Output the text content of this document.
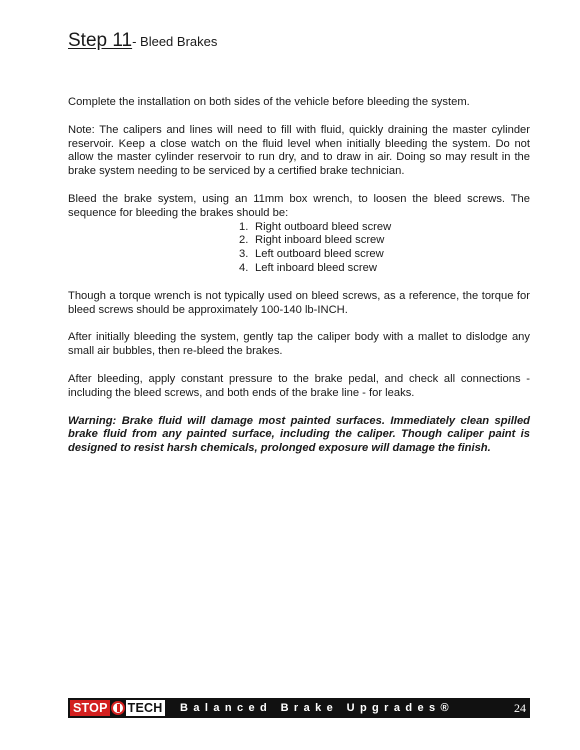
Step 11- Bleed Brakes

Complete the installation on both sides of the vehicle before bleeding the system.

Note: The calipers and lines will need to fill with fluid, quickly draining the master cylinder reservoir. Keep a close watch on the fluid level when initially bleeding the system. Do not allow the master cylinder reservoir to run dry, and to draw in air. Doing so may result in the brake system needing to be serviced by a certified brake technician.

Bleed the brake system, using an 11mm box wrench, to loosen the bleed screws. The sequence for bleeding the brakes should be:

1. Right outboard bleed screw
2. Right inboard bleed screw
3. Left outboard bleed screw
4. Left inboard bleed screw

Though a torque wrench is not typically used on bleed screws, as a reference, the torque for bleed screws should be approximately 100-140 lb-INCH.

After initially bleeding the system, gently tap the caliper body with a mallet to dislodge any small air bubbles, then re-bleed the brakes.

After bleeding, apply constant pressure to the brake pedal, and check all connections - including the bleed screws, and both ends of the brake line - for leaks.

Warning: Brake fluid will damage most painted surfaces. Immediately clean spilled brake fluid from any painted surface, including the caliper. Though caliper paint is designed to resist harsh chemicals, prolonged exposure will damage the finish.

STOP TECH Balanced Brake Upgrades®	24
